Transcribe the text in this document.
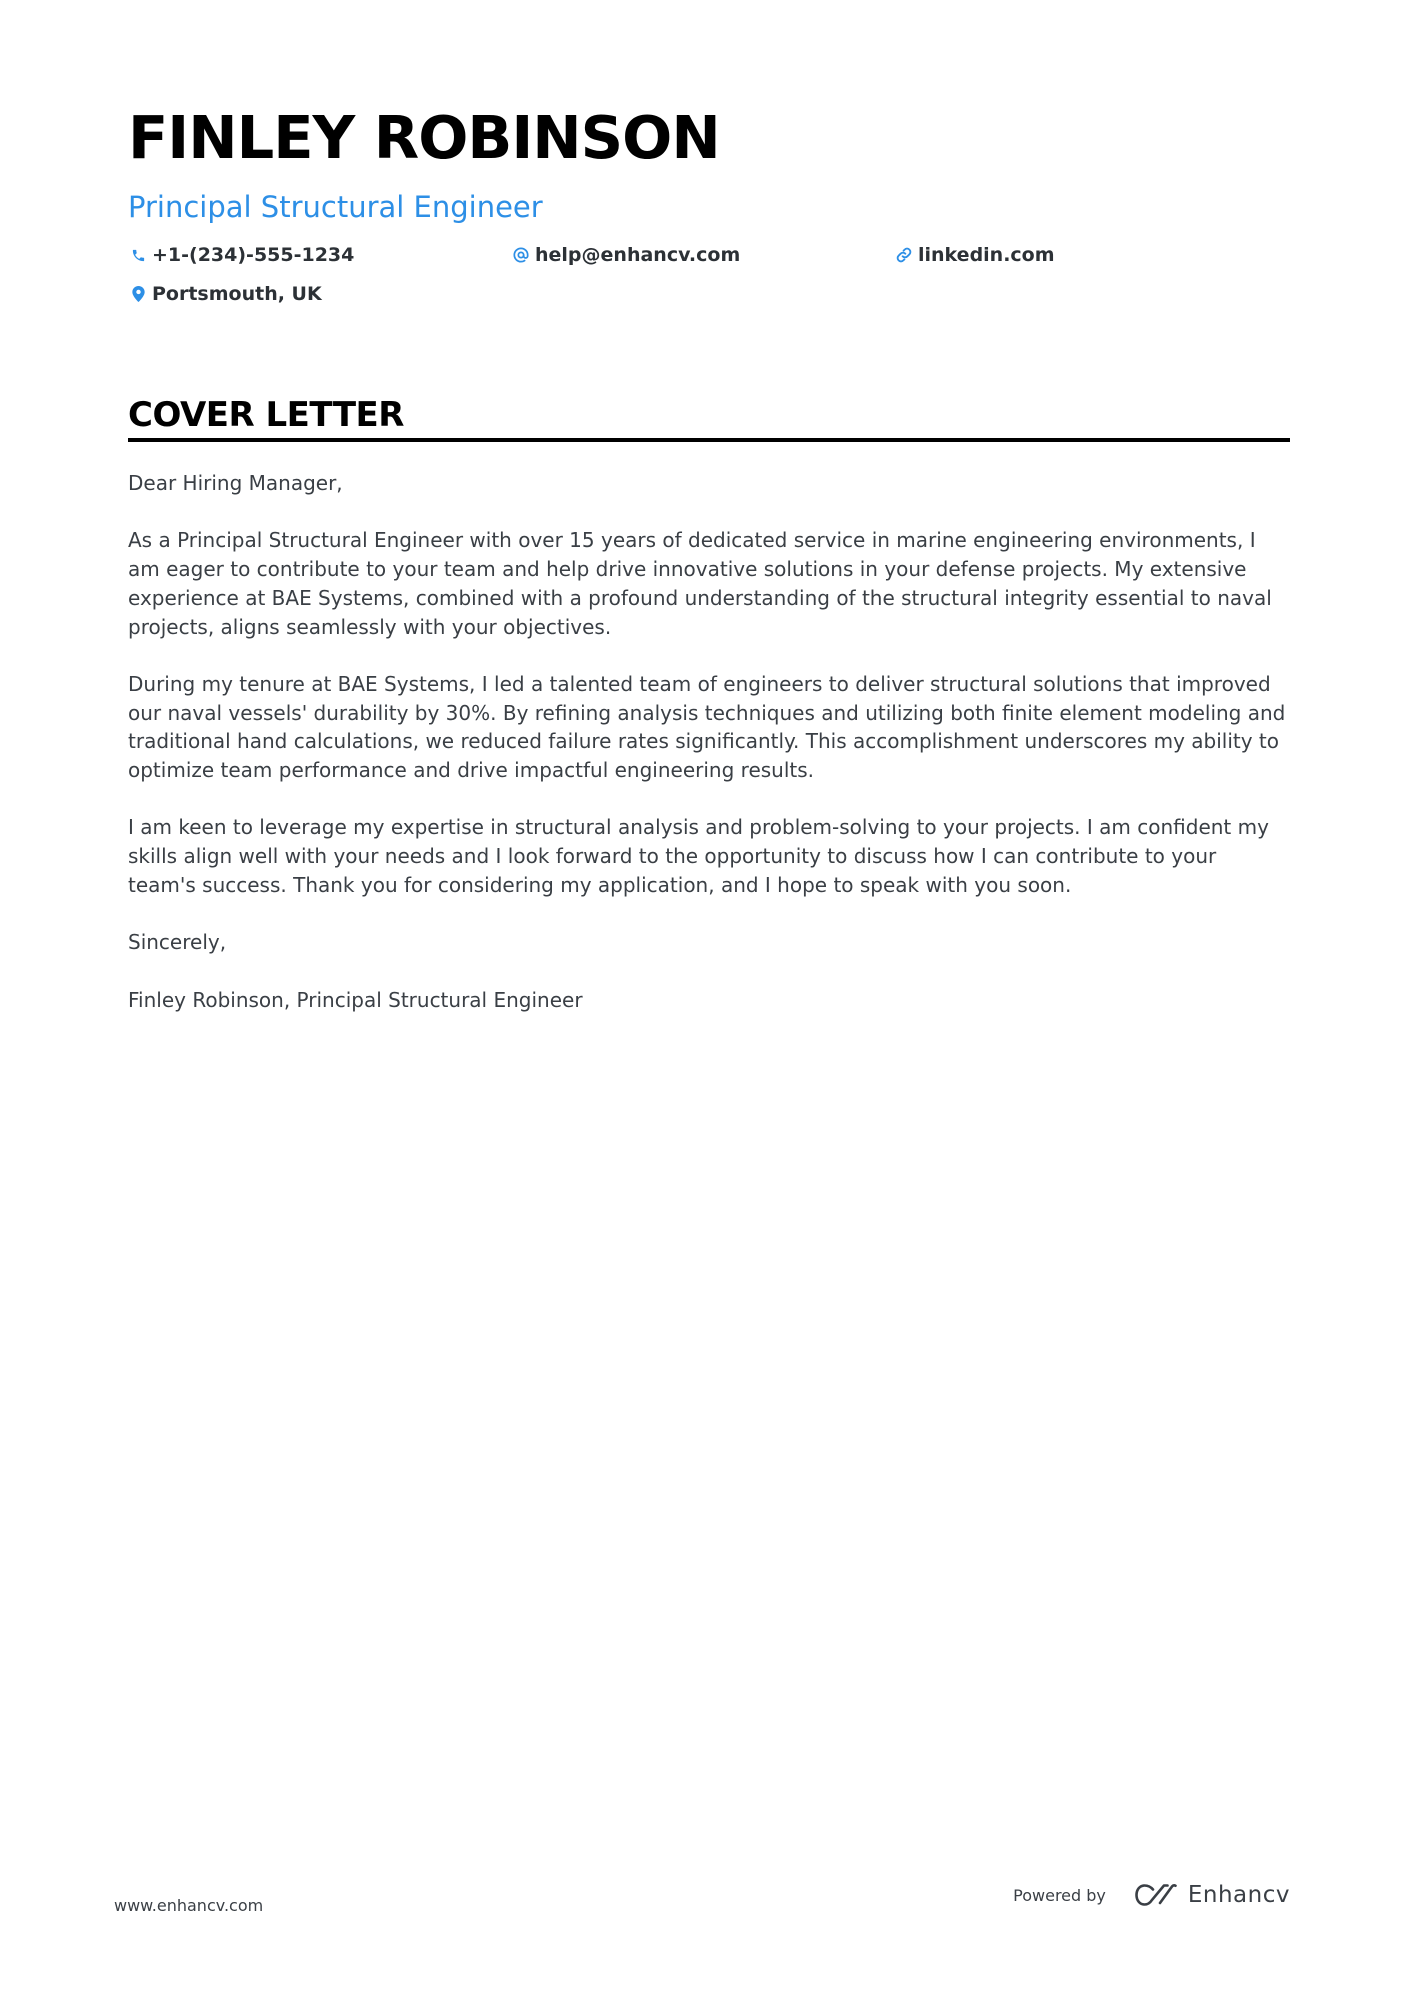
FINLEY ROBINSON
Principal Structural Engineer
+1-(234)-555-1234	help@enhancv.com	linkedin.com
Portsmouth, UK
COVER LETTER

Dear Hiring Manager,

As a Principal Structural Engineer with over 15 years of dedicated service in marine engineering environments, I am eager to contribute to your team and help drive innovative solutions in your defense projects. My extensive experience at BAE Systems, combined with a profound understanding of the structural integrity essential to naval projects, aligns seamlessly with your objectives.

During my tenure at BAE Systems, I led a talented team of engineers to deliver structural solutions that improved our naval vessels' durability by 30%. By refining analysis techniques and utilizing both finite element modeling and traditional hand calculations, we reduced failure rates significantly. This accomplishment underscores my ability to optimize team performance and drive impactful engineering results.

I am keen to leverage my expertise in structural analysis and problem-solving to your projects. I am confident my skills align well with your needs and I look forward to the opportunity to discuss how I can contribute to your team's success. Thank you for considering my application, and I hope to speak with you soon.

Sincerely,

Finley Robinson, Principal Structural Engineer

www.enhancv.com
Powered by	Enhancv
